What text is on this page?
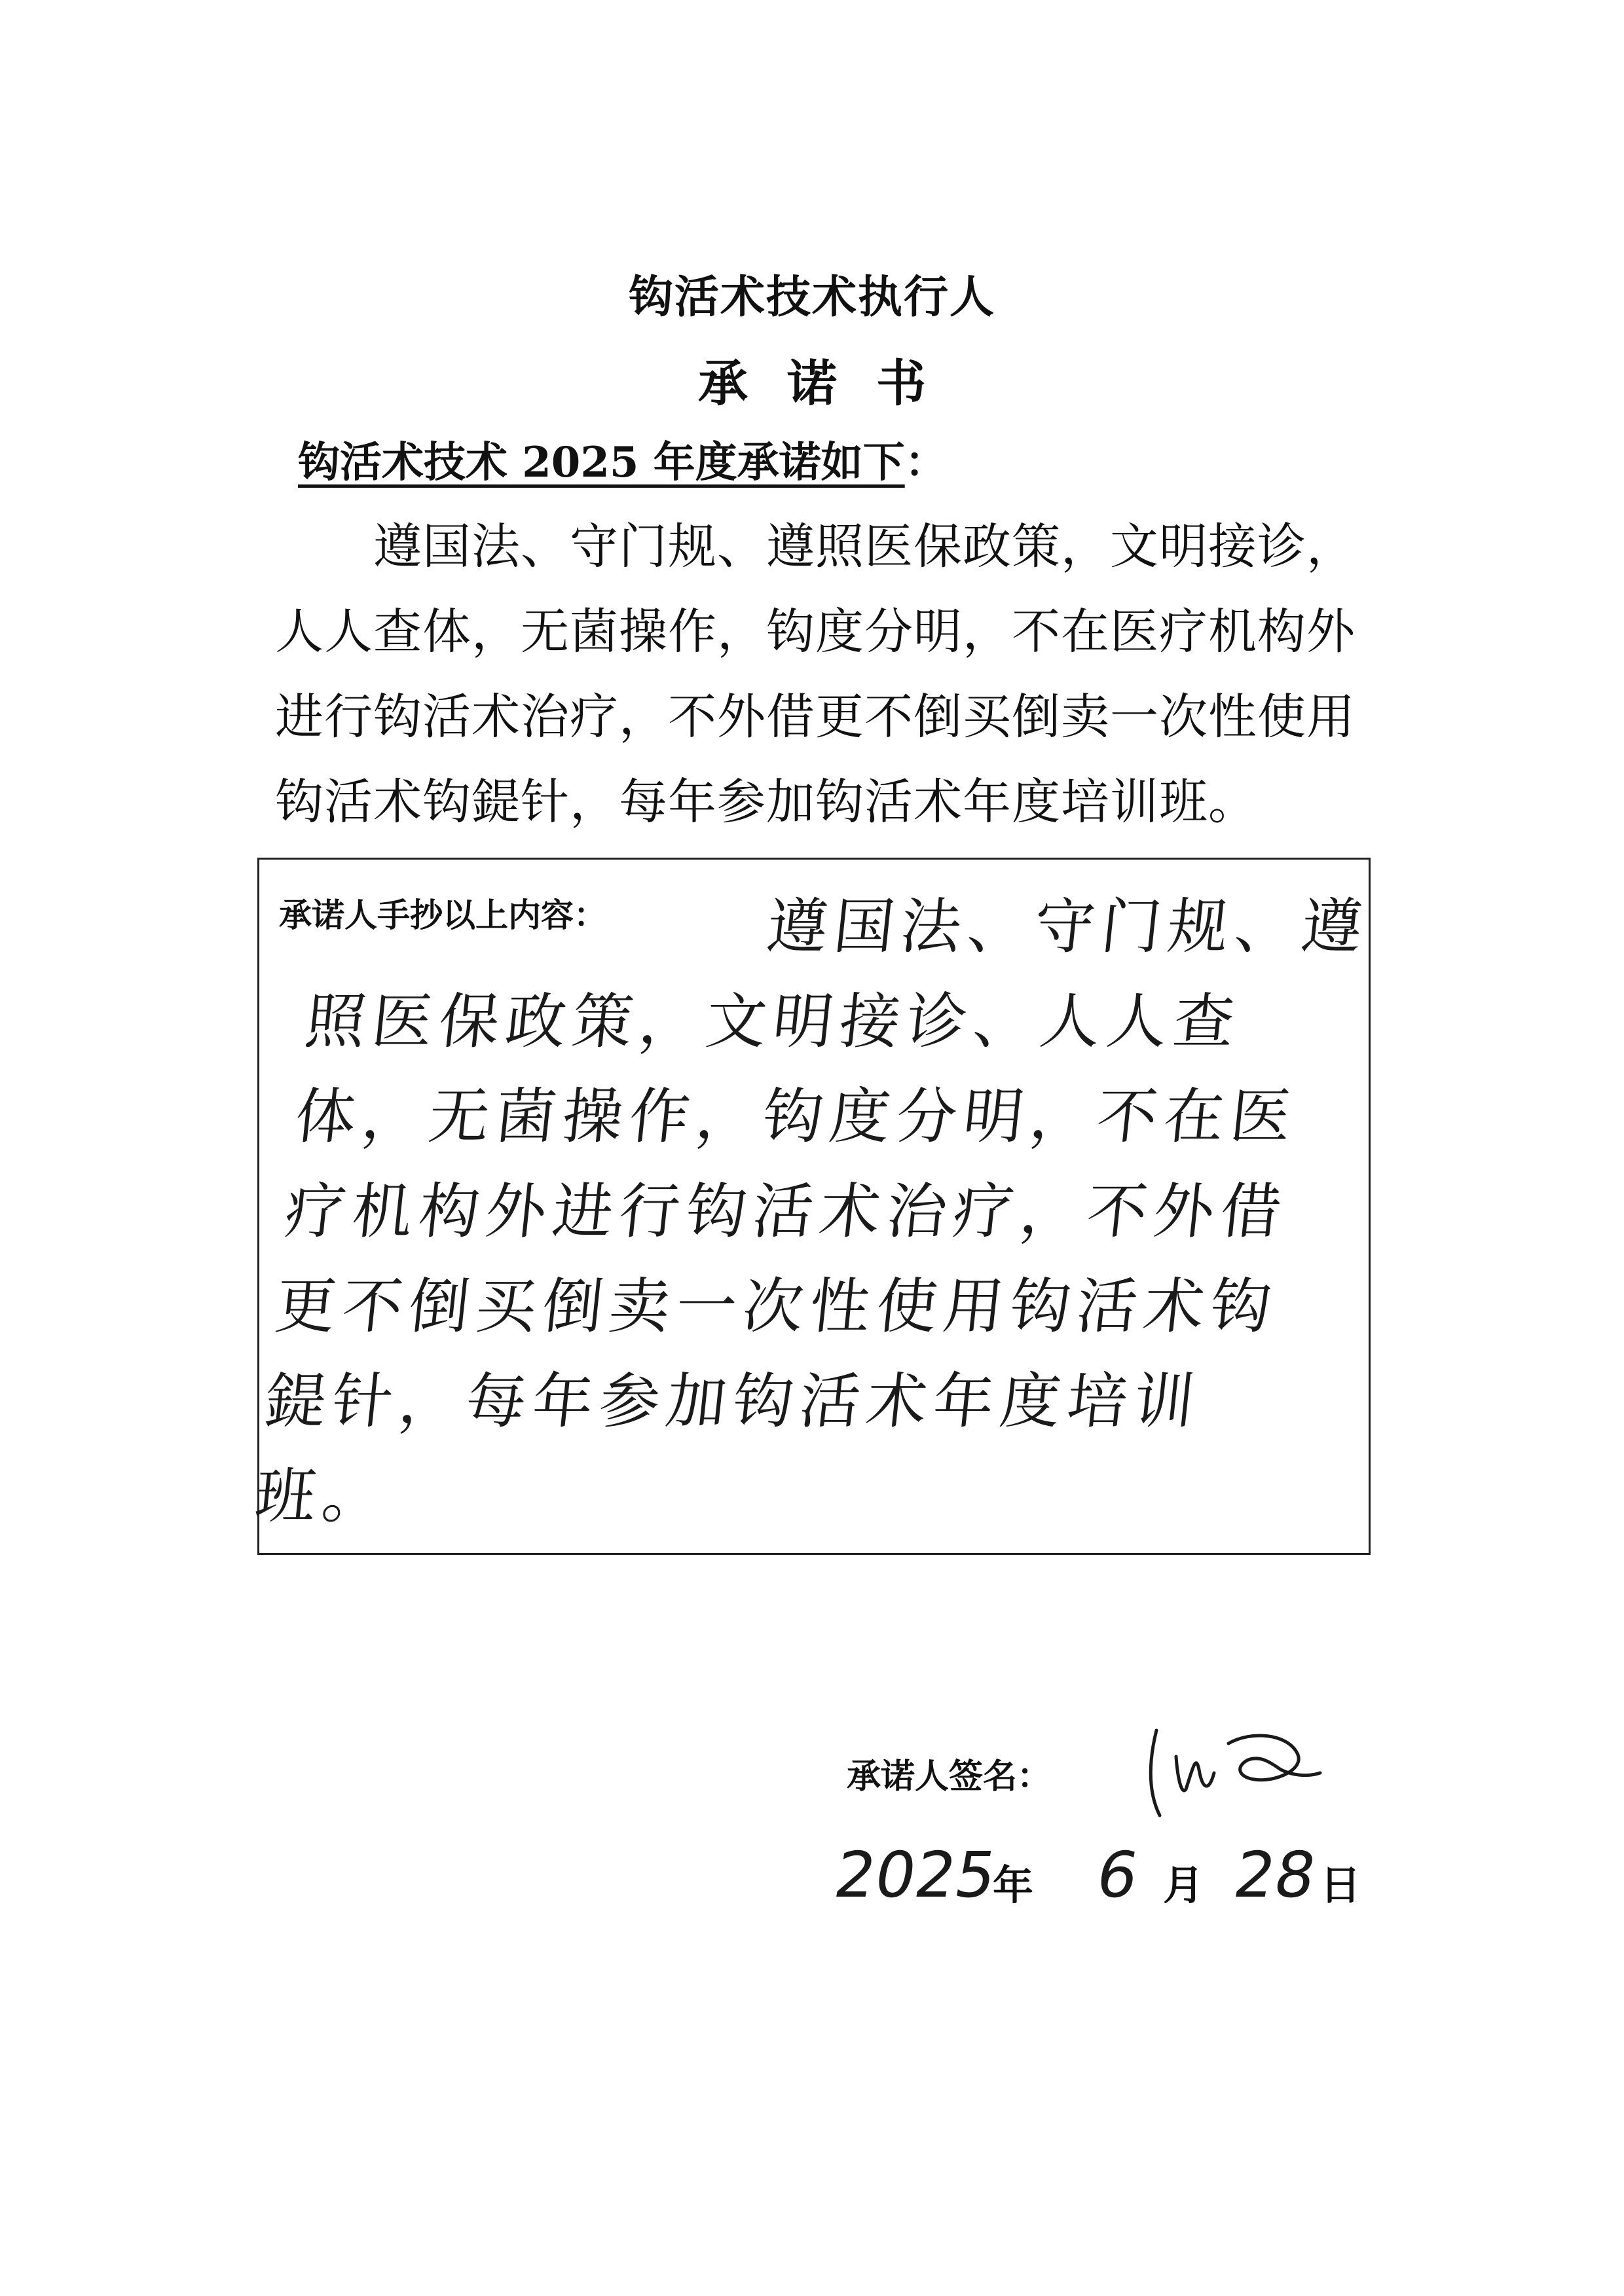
钩活术技术执行人
承诺书
钩活术技术 2025 年度承诺如下：
遵国法、守门规、遵照医保政策，文明接诊，人人查体，无菌操作，钩度分明，不在医疗机构外进行钩活术治疗，不外借更不倒买倒卖一次性使用钩活术钩鍉针，每年参加钩活术年度培训班。
承诺人手抄以上内容：	遵国法、守门规、遵照医保政策，文明接诊、人人查体，无菌操作，钩度分明，不在医疗机构外进行钩活术治疗，不外借更不倒买倒卖一次性使用钩活术钩鍉针，每年参加钩活术年度培训班。
承诺人签名：
2025
年 6 月 28
日
